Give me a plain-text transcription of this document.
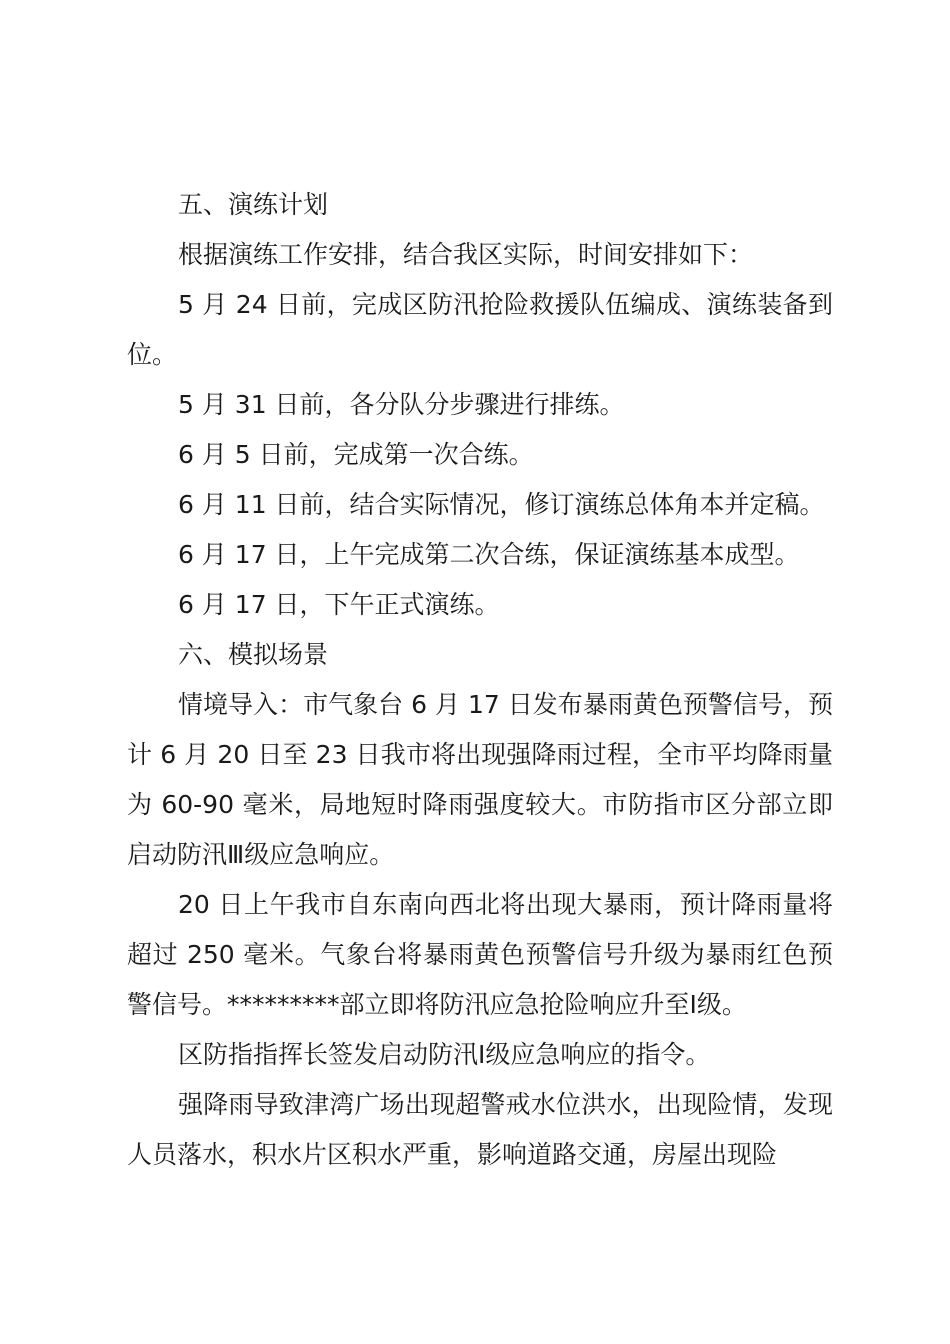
五、演练计划

根据演练工作安排，结合我区实际，时间安排如下：

5 月 24 日前，完成区防汛抢险救援队伍编成、演练装备到位。

5 月 31 日前，各分队分步骤进行排练。

6 月 5 日前，完成第一次合练。

6 月 11 日前，结合实际情况，修订演练总体角本并定稿。

6 月 17 日，上午完成第二次合练，保证演练基本成型。

6 月 17 日，下午正式演练。

六、模拟场景

情境导入：市气象台 6 月 17 日发布暴雨黄色预警信号，预计 6 月 20 日至 23 日我市将出现强降雨过程，全市平均降雨量为 60-90 毫米，局地短时降雨强度较大。市防指市区分部立即启动防汛Ⅲ级应急响应。

20 日上午我市自东南向西北将出现大暴雨，预计降雨量将超过 250 毫米。气象台将暴雨黄色预警信号升级为暴雨红色预警信号。*********部立即将防汛应急抢险响应升至Ⅰ级。

区防指指挥长签发启动防汛Ⅰ级应急响应的指令。

强降雨导致津湾广场出现超警戒水位洪水，出现险情，发现人员落水，积水片区积水严重，影响道路交通，房屋出现险
